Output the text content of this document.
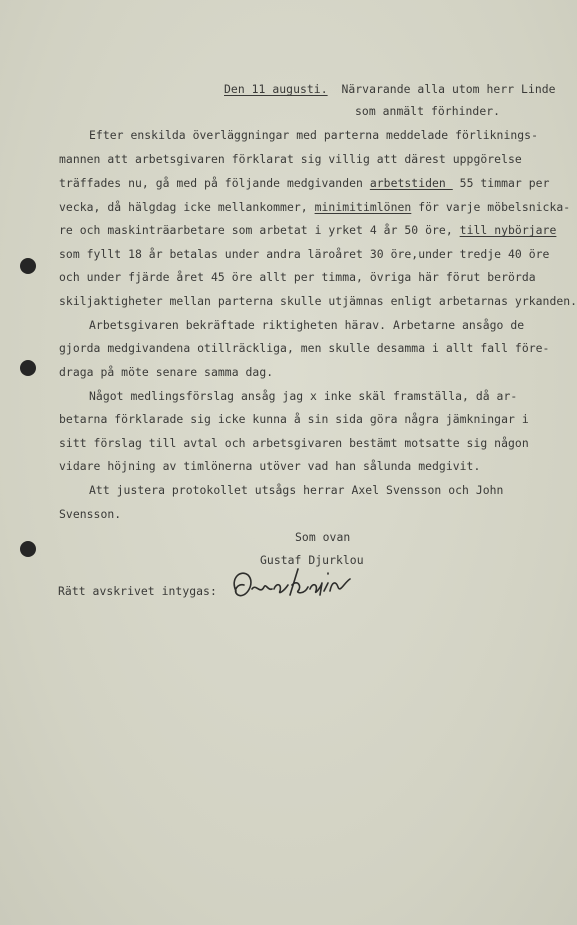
Den 11 augusti.  Närvarande alla utom herr Linde
som anmält förhinder.
Efter enskilda överläggningar med parterna meddelade förliknings-
mannen att arbetsgivaren förklarat sig villig att därest uppgörelse
träffades nu, gå med på följande medgivanden arbetstiden  55 timmar per
vecka, då hälgdag icke mellankommer, minimitimlönen för varje möbelsnicka-
re och maskinträarbetare som arbetat i yrket 4 år 50 öre, till nybörjare
som fyllt 18 år betalas under andra läroåret 30 öre,under tredje 40 öre
och under fjärde året 45 öre allt per timma, övriga här förut berörda
skiljaktigheter mellan parterna skulle utjämnas enligt arbetarnas yrkanden.
Arbetsgivaren bekräftade riktigheten härav. Arbetarne ansågo de
gjorda medgivandena otillräckliga, men skulle desamma i allt fall före-
draga på möte senare samma dag.
Något medlingsförslag ansåg jag x inke skäl framställa, då ar-
betarna förklarade sig icke kunna å sin sida göra några jämkningar i
sitt förslag till avtal och arbetsgivaren bestämt motsatte sig någon
vidare höjning av timlönerna utöver vad han sålunda medgivit.
Att justera protokollet utsågs herrar Axel Svensson och John
Svensson.
Som ovan
Gustaf Djurklou
Rätt avskrivet intygas:
